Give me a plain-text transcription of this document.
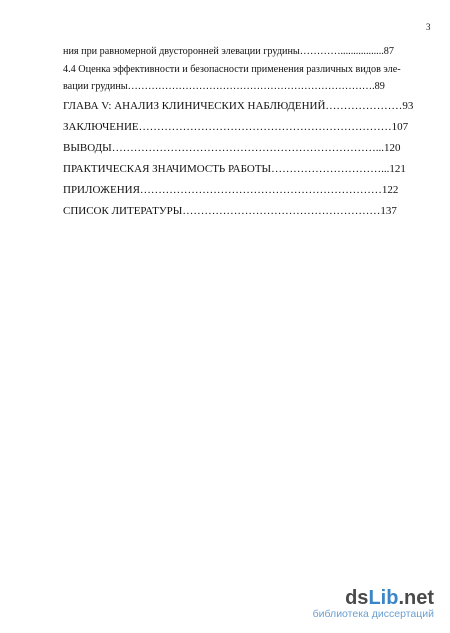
3
ния при равномерной двусторонней элевации грудины………….................87
4.4 Оценка эффективности и безопасности применения различных видов эле-
вации грудины……………………………………………………………….89
ГЛАВА V: АНАЛИЗ КЛИНИЧЕСКИХ НАБЛЮДЕНИЙ…………………93
ЗАКЛЮЧЕНИЕ……………………………………………………………107
ВЫВОДЫ………………………………………………………………...120
ПРАКТИЧЕСКАЯ ЗНАЧИМОСТЬ РАБОТЫ…………………………...121
ПРИЛОЖЕНИЯ…………………………………………………………122
СПИСОК ЛИТЕРАТУРЫ………………………………………………137
dsLib.net
библиотека диссертаций
